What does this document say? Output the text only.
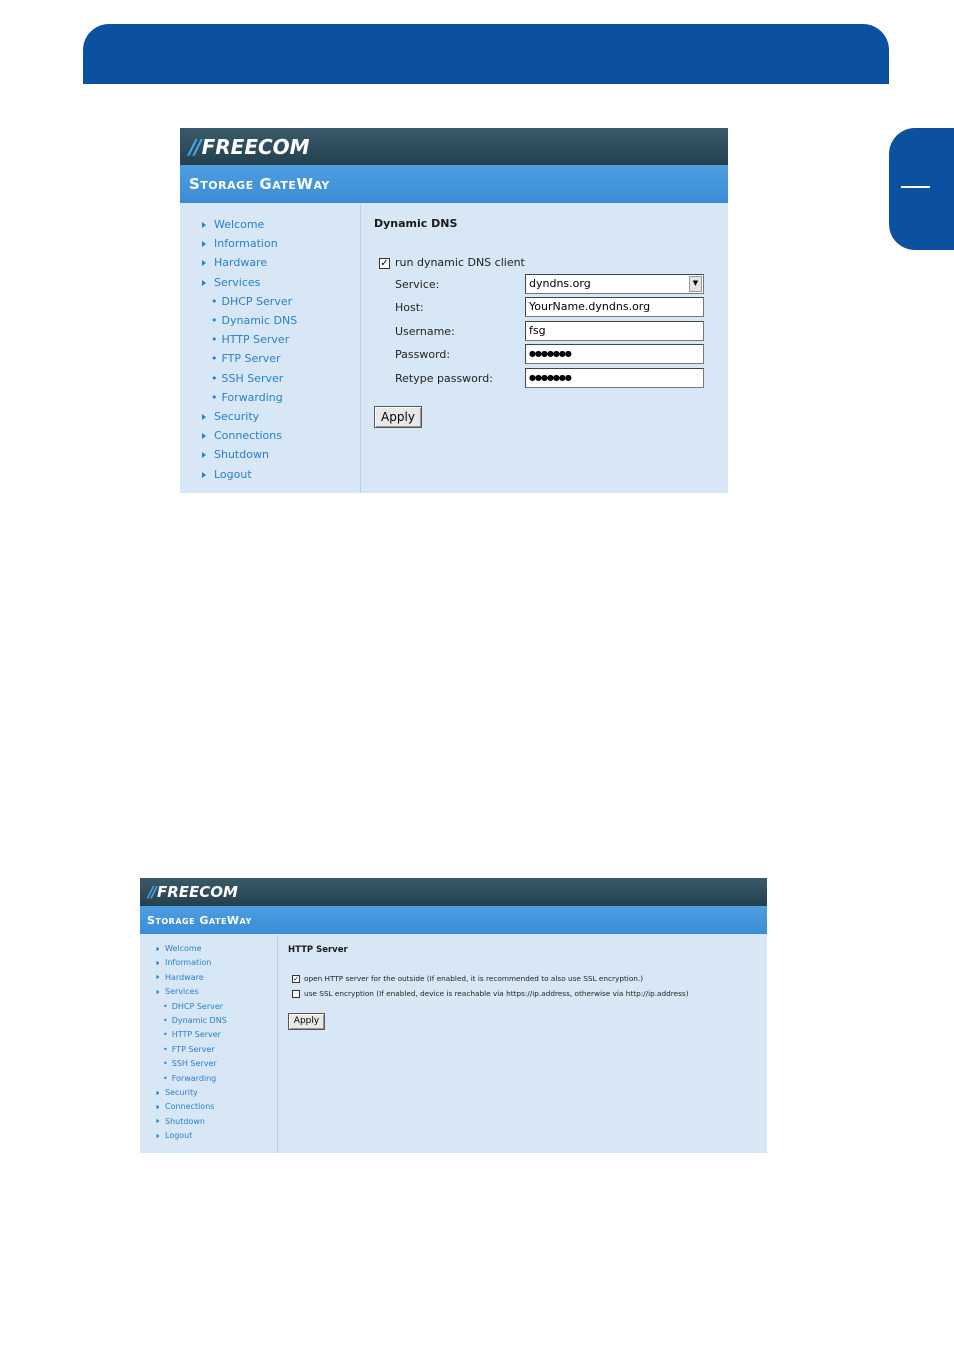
// FREECOM
Storage GateWay
Welcome
Information
Hardware
Services
• DHCP Server
• Dynamic DNS
• HTTP Server
• FTP Server
• SSH Server
• Forwarding
Security
Connections
Shutdown
Logout
Dynamic DNS
✓ run dynamic DNS client
Service:	dyndns.org	▼
Host:	YourName.dyndns.org
Username:	fsg
Password:	●●●●●●●
Retype password:	●●●●●●●
Apply
// FREECOM
Storage GateWay
Welcome
Information
Hardware
Services
• DHCP Server
• Dynamic DNS
• HTTP Server
• FTP Server
• SSH Server
• Forwarding
Security
Connections
Shutdown
Logout
HTTP Server
✓ open HTTP server for the outside (If enabled, it is recommended to also use SSL encryption.)
use SSL encryption (If enabled, device is reachable via https://ip.address, otherwise via http://ip.address)
Apply
